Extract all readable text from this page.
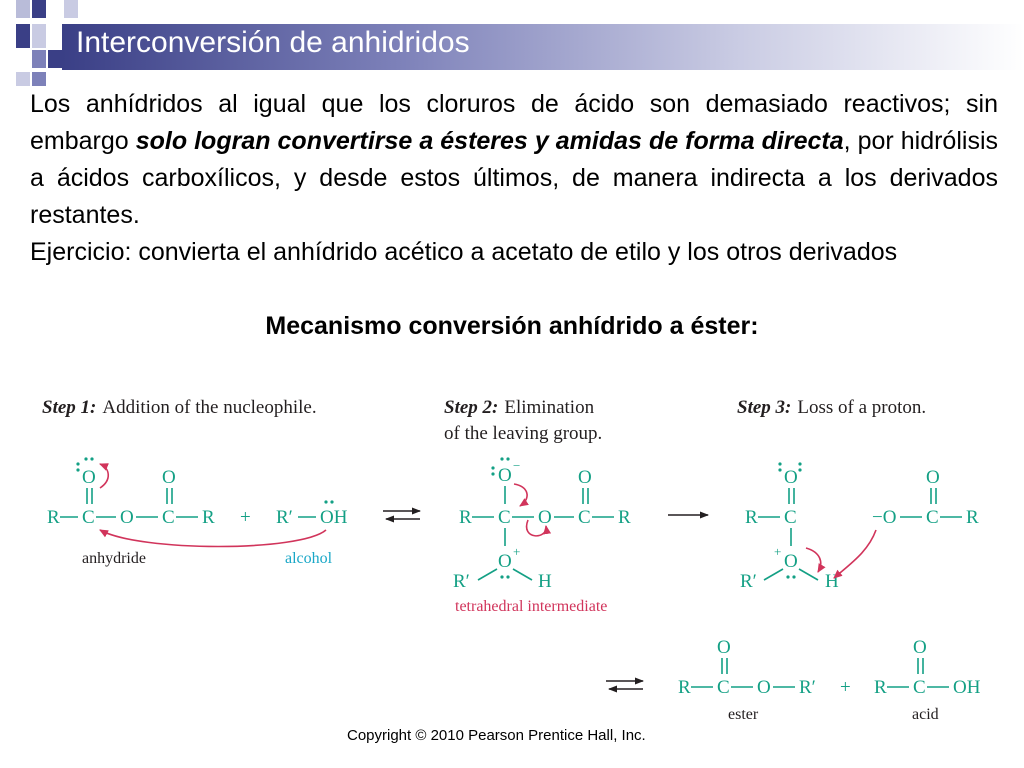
Interconversión de anhidridos

Los anhídridos al igual que los cloruros de ácido son demasiado reactivos; sin embargo solo logran convertirse a ésteres y amidas de forma directa, por hidrólisis a ácidos carboxílicos, y desde estos últimos, de manera indirecta a los derivados restantes.

Ejercicio: convierta el anhídrido acético a acetato de etilo y los otros derivados

Mecanismo conversión anhídrido a éster:
Step 1: Addition of the nucleophile.	Step 2: Elimination
of the leaving group.
Step 3: Loss of a proton.
R C O C R
O	O
+ R′ OH
anhydride	alcohol
R C O C R
O −
O
O +
R′	H
tetrahedral intermediate
R C
O
O
+
R′	H
−O C R
O
R C O R′
O
ester
+ R C OH
O
acid
Copyright © 2010 Pearson Prentice Hall, Inc.
